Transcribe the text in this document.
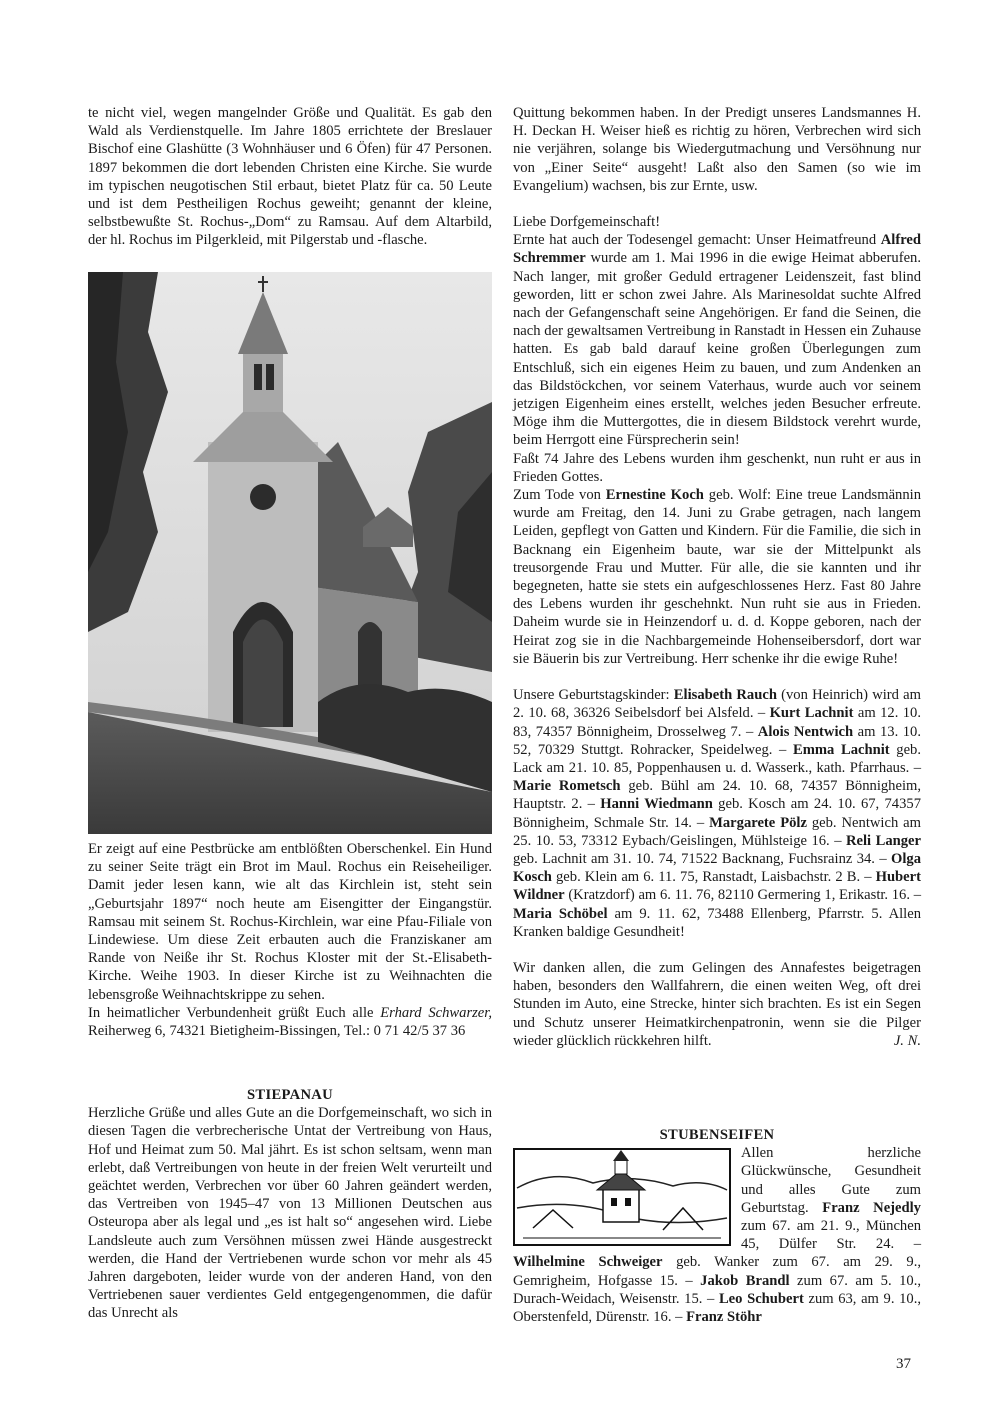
te nicht viel, wegen mangelnder Größe und Qualität. Es gab den Wald als Verdienstquelle. Im Jahre 1805 errichtete der Breslauer Bischof eine Glashütte (3 Wohnhäuser und 6 Öfen) für 47 Personen. 1897 bekommen die dort lebenden Christen eine Kirche. Sie wurde im typischen neugotischen Stil erbaut, bietet Platz für ca. 50 Leute und ist dem Pestheiligen Rochus geweiht; genannt der kleine, selbstbewußte St. Rochus-„Dom“ zu Ramsau. Auf dem Altarbild, der hl. Rochus im Pilgerkleid, mit Pilgerstab und -flasche.

Er zeigt auf eine Pestbrücke am entblößten Oberschenkel. Ein Hund zu seiner Seite trägt ein Brot im Maul. Rochus ein Reiseheiliger. Damit jeder lesen kann, wie alt das Kirchlein ist, steht sein „Geburtsjahr 1897“ noch heute am Eisengitter der Eingangstür. Ramsau mit seinem St. Rochus-Kirchlein, war eine Pfau-Filiale von Lindewiese. Um diese Zeit erbauten auch die Franziskaner am Rande von Neiße ihr St. Rochus Kloster mit der St.-Elisabeth-Kirche. Weihe 1903. In dieser Kirche ist zu Weihnachten die lebensgroße Weihnachtskrippe zu sehen.

In heimatlicher Verbundenheit grüßt Euch alle Erhard Schwarzer, Reiherweg 6, 74321 Bietigheim-Bissingen, Tel.: 0 71 42/5 37 36

STIEPANAU

Herzliche Grüße und alles Gute an die Dorfgemeinschaft, wo sich in diesen Tagen die verbrecherische Untat der Vertreibung von Haus, Hof und Heimat zum 50. Mal jährt. Es ist schon seltsam, wenn man erlebt, daß Vertreibungen von heute in der freien Welt verurteilt und geächtet werden, Verbrechen vor über 60 Jahren geändert werden, das Vertreiben von 1945–47 von 13 Millionen Deutschen aus Osteuropa aber als legal und „es ist halt so“ angesehen wird. Liebe Landsleute auch zum Versöhnen müssen zwei Hände ausgestreckt werden, die Hand der Vertriebenen wurde schon vor mehr als 45 Jahren dargeboten, leider wurde von der anderen Hand, von den Vertriebenen sauer verdientes Geld entgegengenommen, die dafür das Unrecht als

Quittung bekommen haben. In der Predigt unseres Landsmannes H. H. Deckan H. Weiser hieß es richtig zu hören, Verbrechen wird sich nie verjähren, solange bis Wiedergutmachung und Versöhnung nur von „Einer Seite“ ausgeht! Laßt also den Samen (so wie im Evangelium) wachsen, bis zur Ernte, usw.

Liebe Dorfgemeinschaft!

Ernte hat auch der Todesengel gemacht: Unser Heimatfreund Alfred Schremmer wurde am 1. Mai 1996 in die ewige Heimat abberufen. Nach langer, mit großer Geduld ertragener Leidenszeit, fast blind geworden, litt er schon zwei Jahre. Als Marinesoldat suchte Alfred nach der Gefangenschaft seine Angehörigen. Er fand die Seinen, die nach der gewaltsamen Vertreibung in Ranstadt in Hessen ein Zuhause hatten. Es gab bald darauf keine großen Überlegungen zum Entschluß, sich ein eigenes Heim zu bauen, und zum Andenken an das Bildstöckchen, vor seinem Vaterhaus, wurde auch vor seinem jetzigen Eigenheim eines erstellt, welches jeden Besucher erfreute. Möge ihm die Muttergottes, die in diesem Bildstock verehrt wurde, beim Herrgott eine Fürsprecherin sein!

Faßt 74 Jahre des Lebens wurden ihm geschenkt, nun ruht er aus in Frieden Gottes.

Zum Tode von Ernestine Koch geb. Wolf: Eine treue Landsmännin wurde am Freitag, den 14. Juni zu Grabe getragen, nach langem Leiden, gepflegt von Gatten und Kindern. Für die Familie, die sich in Backnang ein Eigenheim baute, war sie der Mittelpunkt als treusorgende Frau und Mutter. Für alle, die sie kannten und ihr begegneten, hatte sie stets ein aufgeschlossenes Herz. Fast 80 Jahre des Lebens wurden ihr geschehnkt. Nun ruht sie aus in Frieden. Daheim wurde sie in Heinzendorf u. d. d. Koppe geboren, nach der Heirat zog sie in die Nachbargemeinde Hohenseibersdorf, dort war sie Bäuerin bis zur Vertreibung. Herr schenke ihr die ewige Ruhe!

Unsere Geburtstagskinder: Elisabeth Rauch (von Heinrich) wird am 2. 10. 68, 36326 Seibelsdorf bei Alsfeld. – Kurt Lachnit am 12. 10. 83, 74357 Bönnigheim, Drosselweg 7. – Alois Nentwich am 13. 10. 52, 70329 Stuttgt. Rohracker, Speidelweg. – Emma Lachnit geb. Lack am 21. 10. 85, Poppenhausen u. d. Wasserk., kath. Pfarrhaus. – Marie Rometsch geb. Bühl am 24. 10. 68, 74357 Bönnigheim, Hauptstr. 2. – Hanni Wiedmann geb. Kosch am 24. 10. 67, 74357 Bönnigheim, Schmale Str. 14. – Margarete Pölz geb. Nentwich am 25. 10. 53, 73312 Eybach/Geislingen, Mühlsteige 16. – Reli Langer geb. Lachnit am 31. 10. 74, 71522 Backnang, Fuchsrainz 34. – Olga Kosch geb. Klein am 6. 11. 75, Ranstadt, Laisbachstr. 2 B. – Hubert Wildner (Kratzdorf) am 6. 11. 76, 82110 Germering 1, Erikastr. 16. – Maria Schöbel am 9. 11. 62, 73488 Ellenberg, Pfarrstr. 5. Allen Kranken baldige Gesundheit!

Wir danken allen, die zum Gelingen des Annafestes beigetragen haben, besonders den Wallfahrern, die einen weiten Weg, oft drei Stunden im Auto, eine Strecke, hinter sich brachten. Es ist ein Segen und Schutz unserer Heimatkirchenpatronin, wenn sie die Pilger wieder glücklich rückkehren hilft.	J. N.

STUBENSEIFEN

Allen herzliche Glückwünsche, Gesundheit und alles Gute zum Geburtstag. Franz Nejedly zum 67. am 21. 9., München 45, Dülfer Str. 24. – Wilhelmine Schweiger geb. Wanker zum 67. am 29. 9., Gemrigheim, Hofgasse 15. – Jakob Brandl zum 67. am 5. 10., Durach-Weidach, Weisenstr. 15. – Leo Schubert zum 63, am 9. 10., Oberstenfeld, Dürenstr. 16. – Franz Stöhr

37
